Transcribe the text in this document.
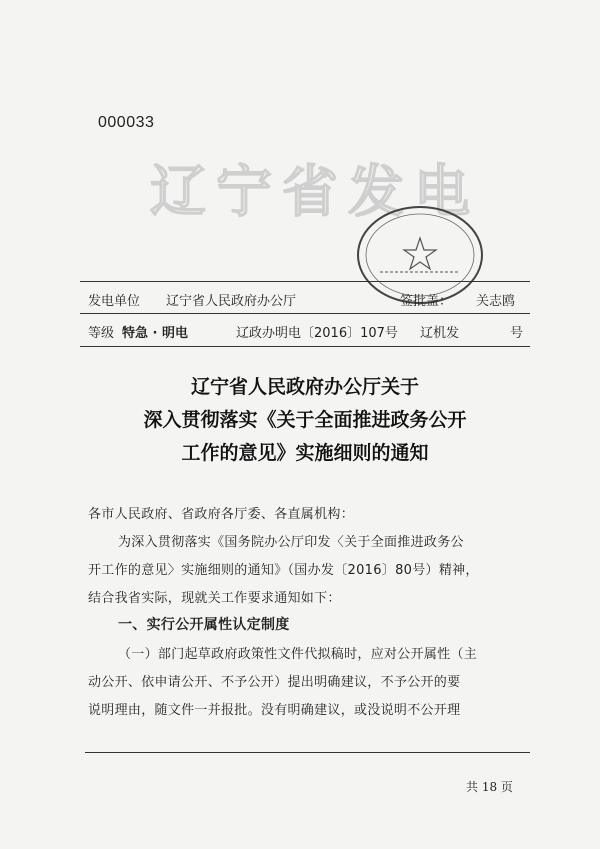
000033
辽宁省发电
发电单位 辽宁省人民政府办公厅	签批盖： 关志鸥
等级 特急 · 明电	辽政办明电〔2016〕107号 辽机发	号
辽宁省人民政府办公厅关于
深入贯彻落实《关于全面推进政务公开
工作的意见》实施细则的通知
各市人民政府、省政府各厅委、各直属机构：
为深入贯彻落实《国务院办公厅印发〈关于全面推进政务公
开工作的意见〉实施细则的通知》（国办发〔2016〕80号）精神，
结合我省实际，现就关工作要求通知如下：
一、实行公开属性认定制度
（一）部门起草政府政策性文件代拟稿时，应对公开属性（主
动公开、依申请公开、不予公开）提出明确建议，不予公开的要
说明理由，随文件一并报批。没有明确建议，或没说明不公开理
共 18 页
